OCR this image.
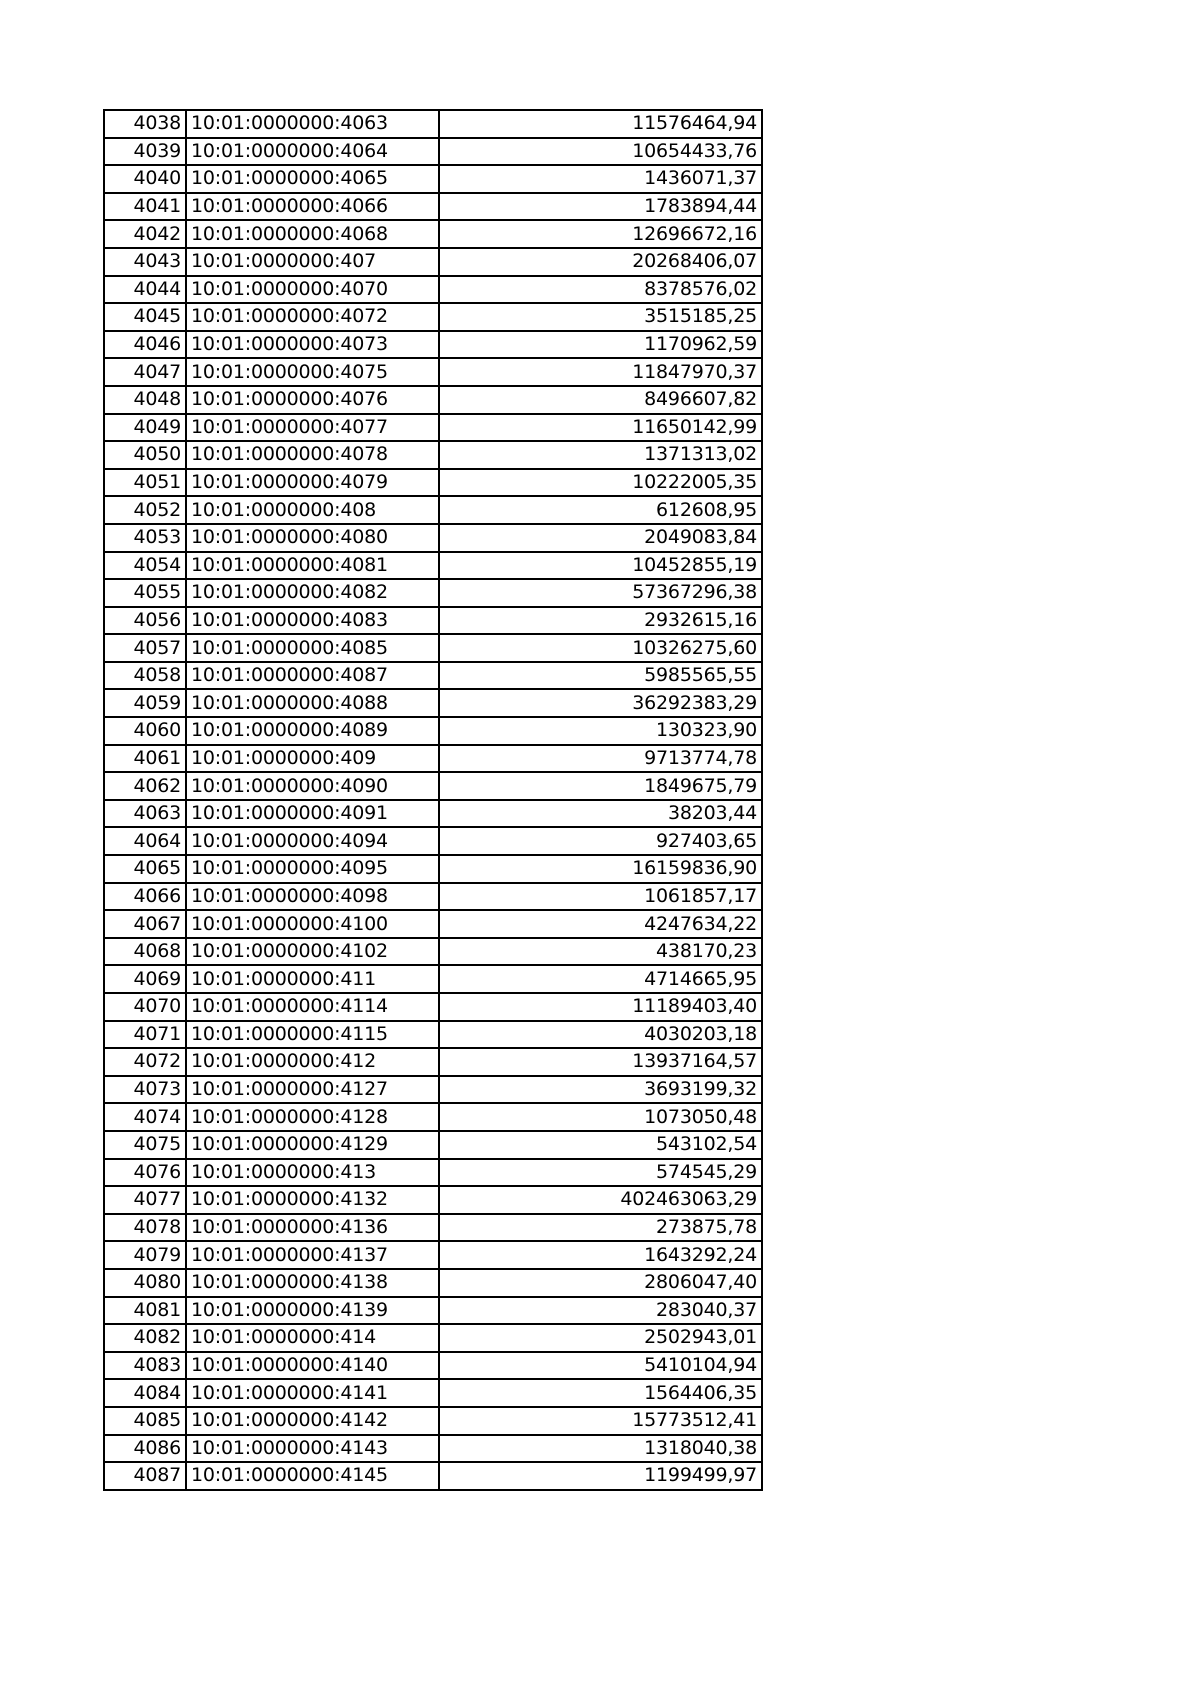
4038	10:01:0000000:4063	11576464,94
4039	10:01:0000000:4064	10654433,76
4040	10:01:0000000:4065	1436071,37
4041	10:01:0000000:4066	1783894,44
4042	10:01:0000000:4068	12696672,16
4043	10:01:0000000:407	20268406,07
4044	10:01:0000000:4070	8378576,02
4045	10:01:0000000:4072	3515185,25
4046	10:01:0000000:4073	1170962,59
4047	10:01:0000000:4075	11847970,37
4048	10:01:0000000:4076	8496607,82
4049	10:01:0000000:4077	11650142,99
4050	10:01:0000000:4078	1371313,02
4051	10:01:0000000:4079	10222005,35
4052	10:01:0000000:408	612608,95
4053	10:01:0000000:4080	2049083,84
4054	10:01:0000000:4081	10452855,19
4055	10:01:0000000:4082	57367296,38
4056	10:01:0000000:4083	2932615,16
4057	10:01:0000000:4085	10326275,60
4058	10:01:0000000:4087	5985565,55
4059	10:01:0000000:4088	36292383,29
4060	10:01:0000000:4089	130323,90
4061	10:01:0000000:409	9713774,78
4062	10:01:0000000:4090	1849675,79
4063	10:01:0000000:4091	38203,44
4064	10:01:0000000:4094	927403,65
4065	10:01:0000000:4095	16159836,90
4066	10:01:0000000:4098	1061857,17
4067	10:01:0000000:4100	4247634,22
4068	10:01:0000000:4102	438170,23
4069	10:01:0000000:411	4714665,95
4070	10:01:0000000:4114	11189403,40
4071	10:01:0000000:4115	4030203,18
4072	10:01:0000000:412	13937164,57
4073	10:01:0000000:4127	3693199,32
4074	10:01:0000000:4128	1073050,48
4075	10:01:0000000:4129	543102,54
4076	10:01:0000000:413	574545,29
4077	10:01:0000000:4132	402463063,29
4078	10:01:0000000:4136	273875,78
4079	10:01:0000000:4137	1643292,24
4080	10:01:0000000:4138	2806047,40
4081	10:01:0000000:4139	283040,37
4082	10:01:0000000:414	2502943,01
4083	10:01:0000000:4140	5410104,94
4084	10:01:0000000:4141	1564406,35
4085	10:01:0000000:4142	15773512,41
4086	10:01:0000000:4143	1318040,38
4087	10:01:0000000:4145	1199499,97
